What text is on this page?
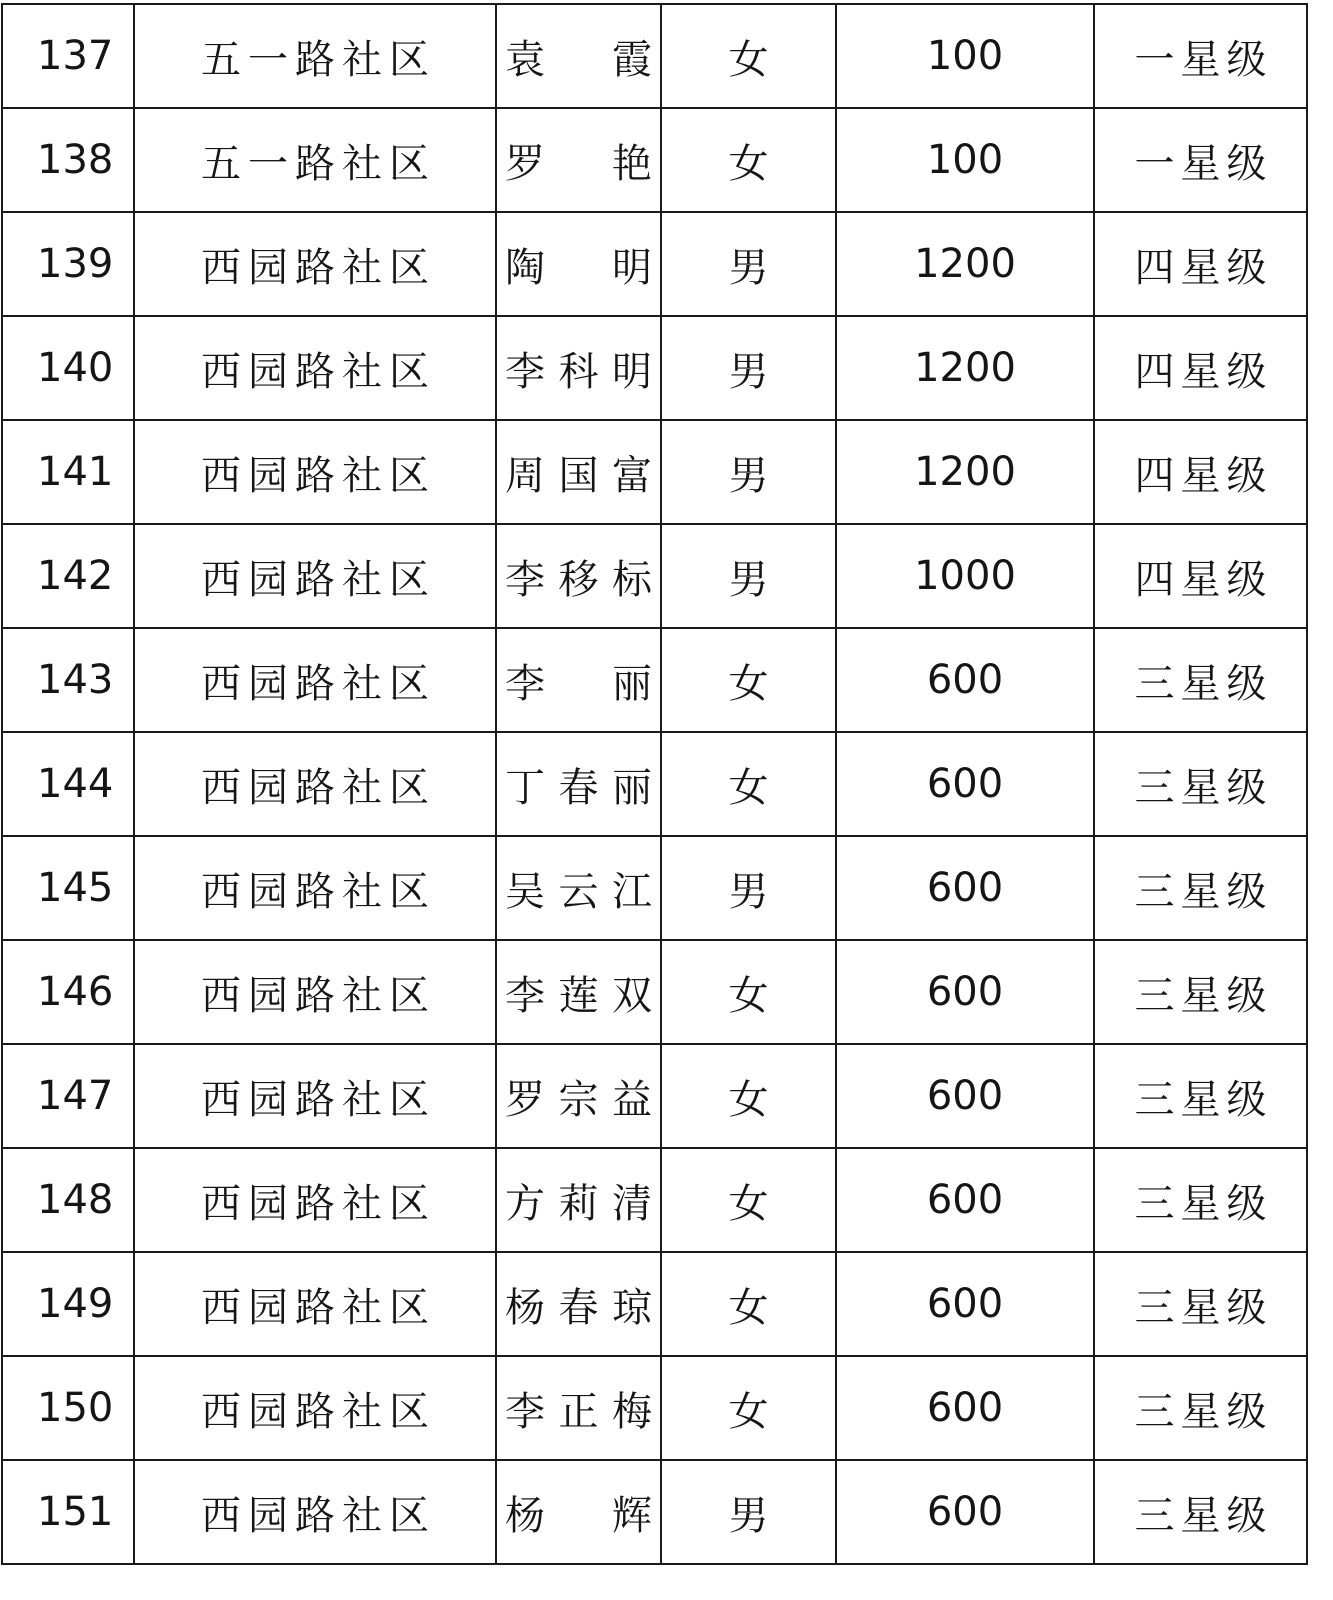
137	五一路社区	袁 霞	女	100	一星级
138	五一路社区	罗 艳	女	100	一星级
139	西园路社区	陶 明	男	1200	四星级
140	西园路社区	李 科 明	男	1200	四星级
141	西园路社区	周 国 富	男	1200	四星级
142	西园路社区	李 移 标	男	1000	四星级
143	西园路社区	李 丽	女	600	三星级
144	西园路社区	丁 春 丽	女	600	三星级
145	西园路社区	吴 云 江	男	600	三星级
146	西园路社区	李 莲 双	女	600	三星级
147	西园路社区	罗 宗 益	女	600	三星级
148	西园路社区	方 莉 清	女	600	三星级
149	西园路社区	杨 春 琼	女	600	三星级
150	西园路社区	李 正 梅	女	600	三星级
151	西园路社区	杨 辉	男	600	三星级
